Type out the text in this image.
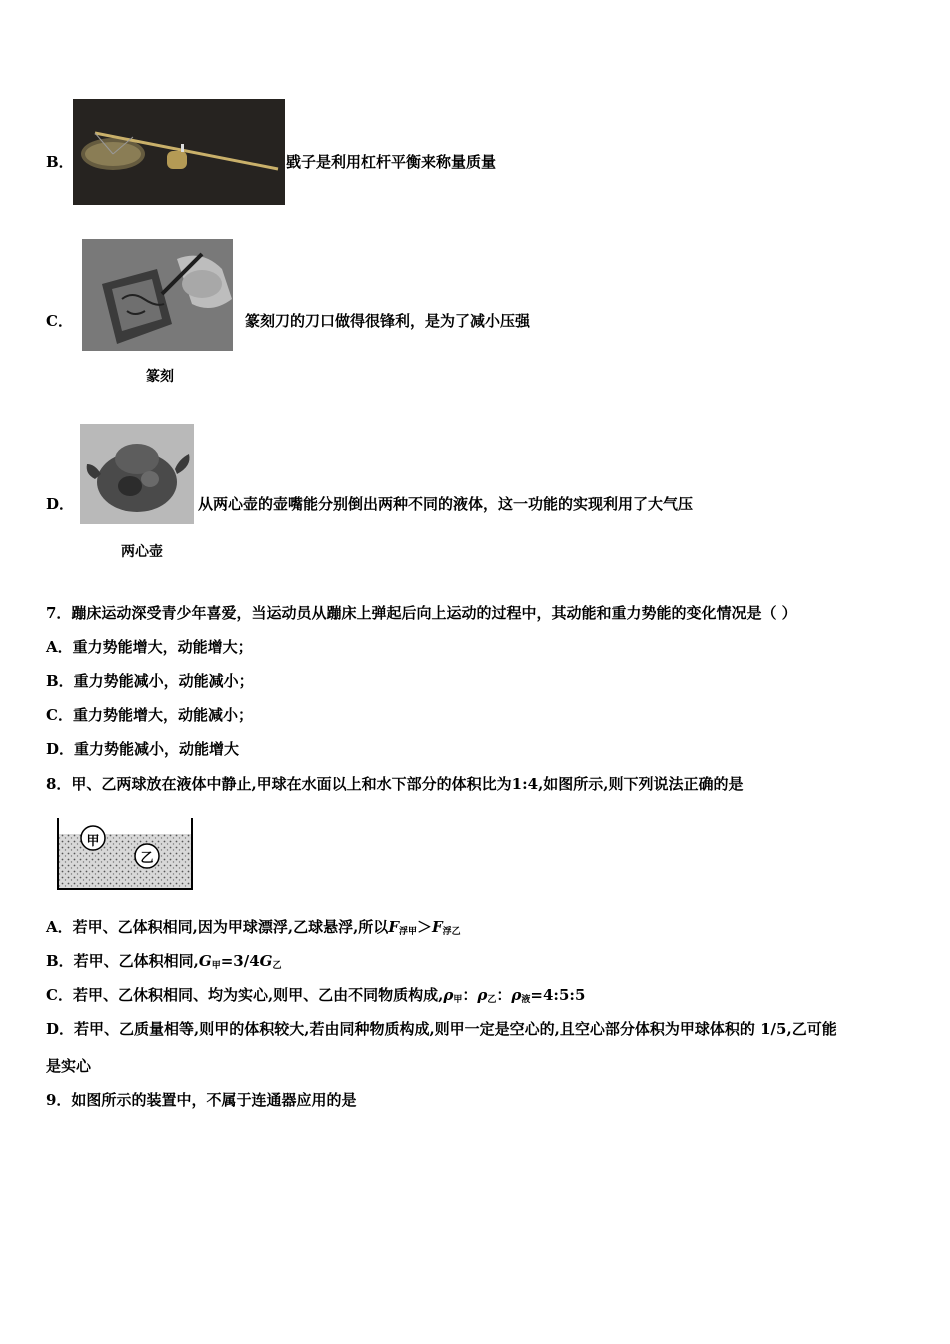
B．	戥子是利用杠杆平衡来称量质量
C．	篆刻刀的刀口做得很锋利，是为了减小压强
篆刻
D．	从两心壶的壶嘴能分别倒出两种不同的液体，这一功能的实现利用了大气压
两心壶
7．蹦床运动深受青少年喜爱，当运动员从蹦床上弹起后向上运动的过程中，其动能和重力势能的变化情况是（ ）
A．重力势能增大，动能增大；
B．重力势能减小，动能减小；
C．重力势能增大，动能减小；
D．重力势能减小，动能增大
8．甲、乙两球放在液体中静止,甲球在水面以上和水下部分的体积比为1:4,如图所示,则下列说法正确的是
甲
乙
A．若甲、乙体积相同,因为甲球漂浮,乙球悬浮,所以$F_{浮甲}>F_{浮乙}$
B．若甲、乙体积相同$,G_甲=3/4G_乙$
C．若甲、乙休积相同、均为实心,则甲、乙由不同物质构成$,\rho_甲$：$\rho_乙$：$\rho_液=4:5:5$
D．若甲、乙质量相等,则甲的体积较大,若由同种物质构成,则甲一定是空心的,且空心部分体积为甲球体积的 1/5,乙可能
是实心
9．如图所示的装置中，不属于连通器应用的是
